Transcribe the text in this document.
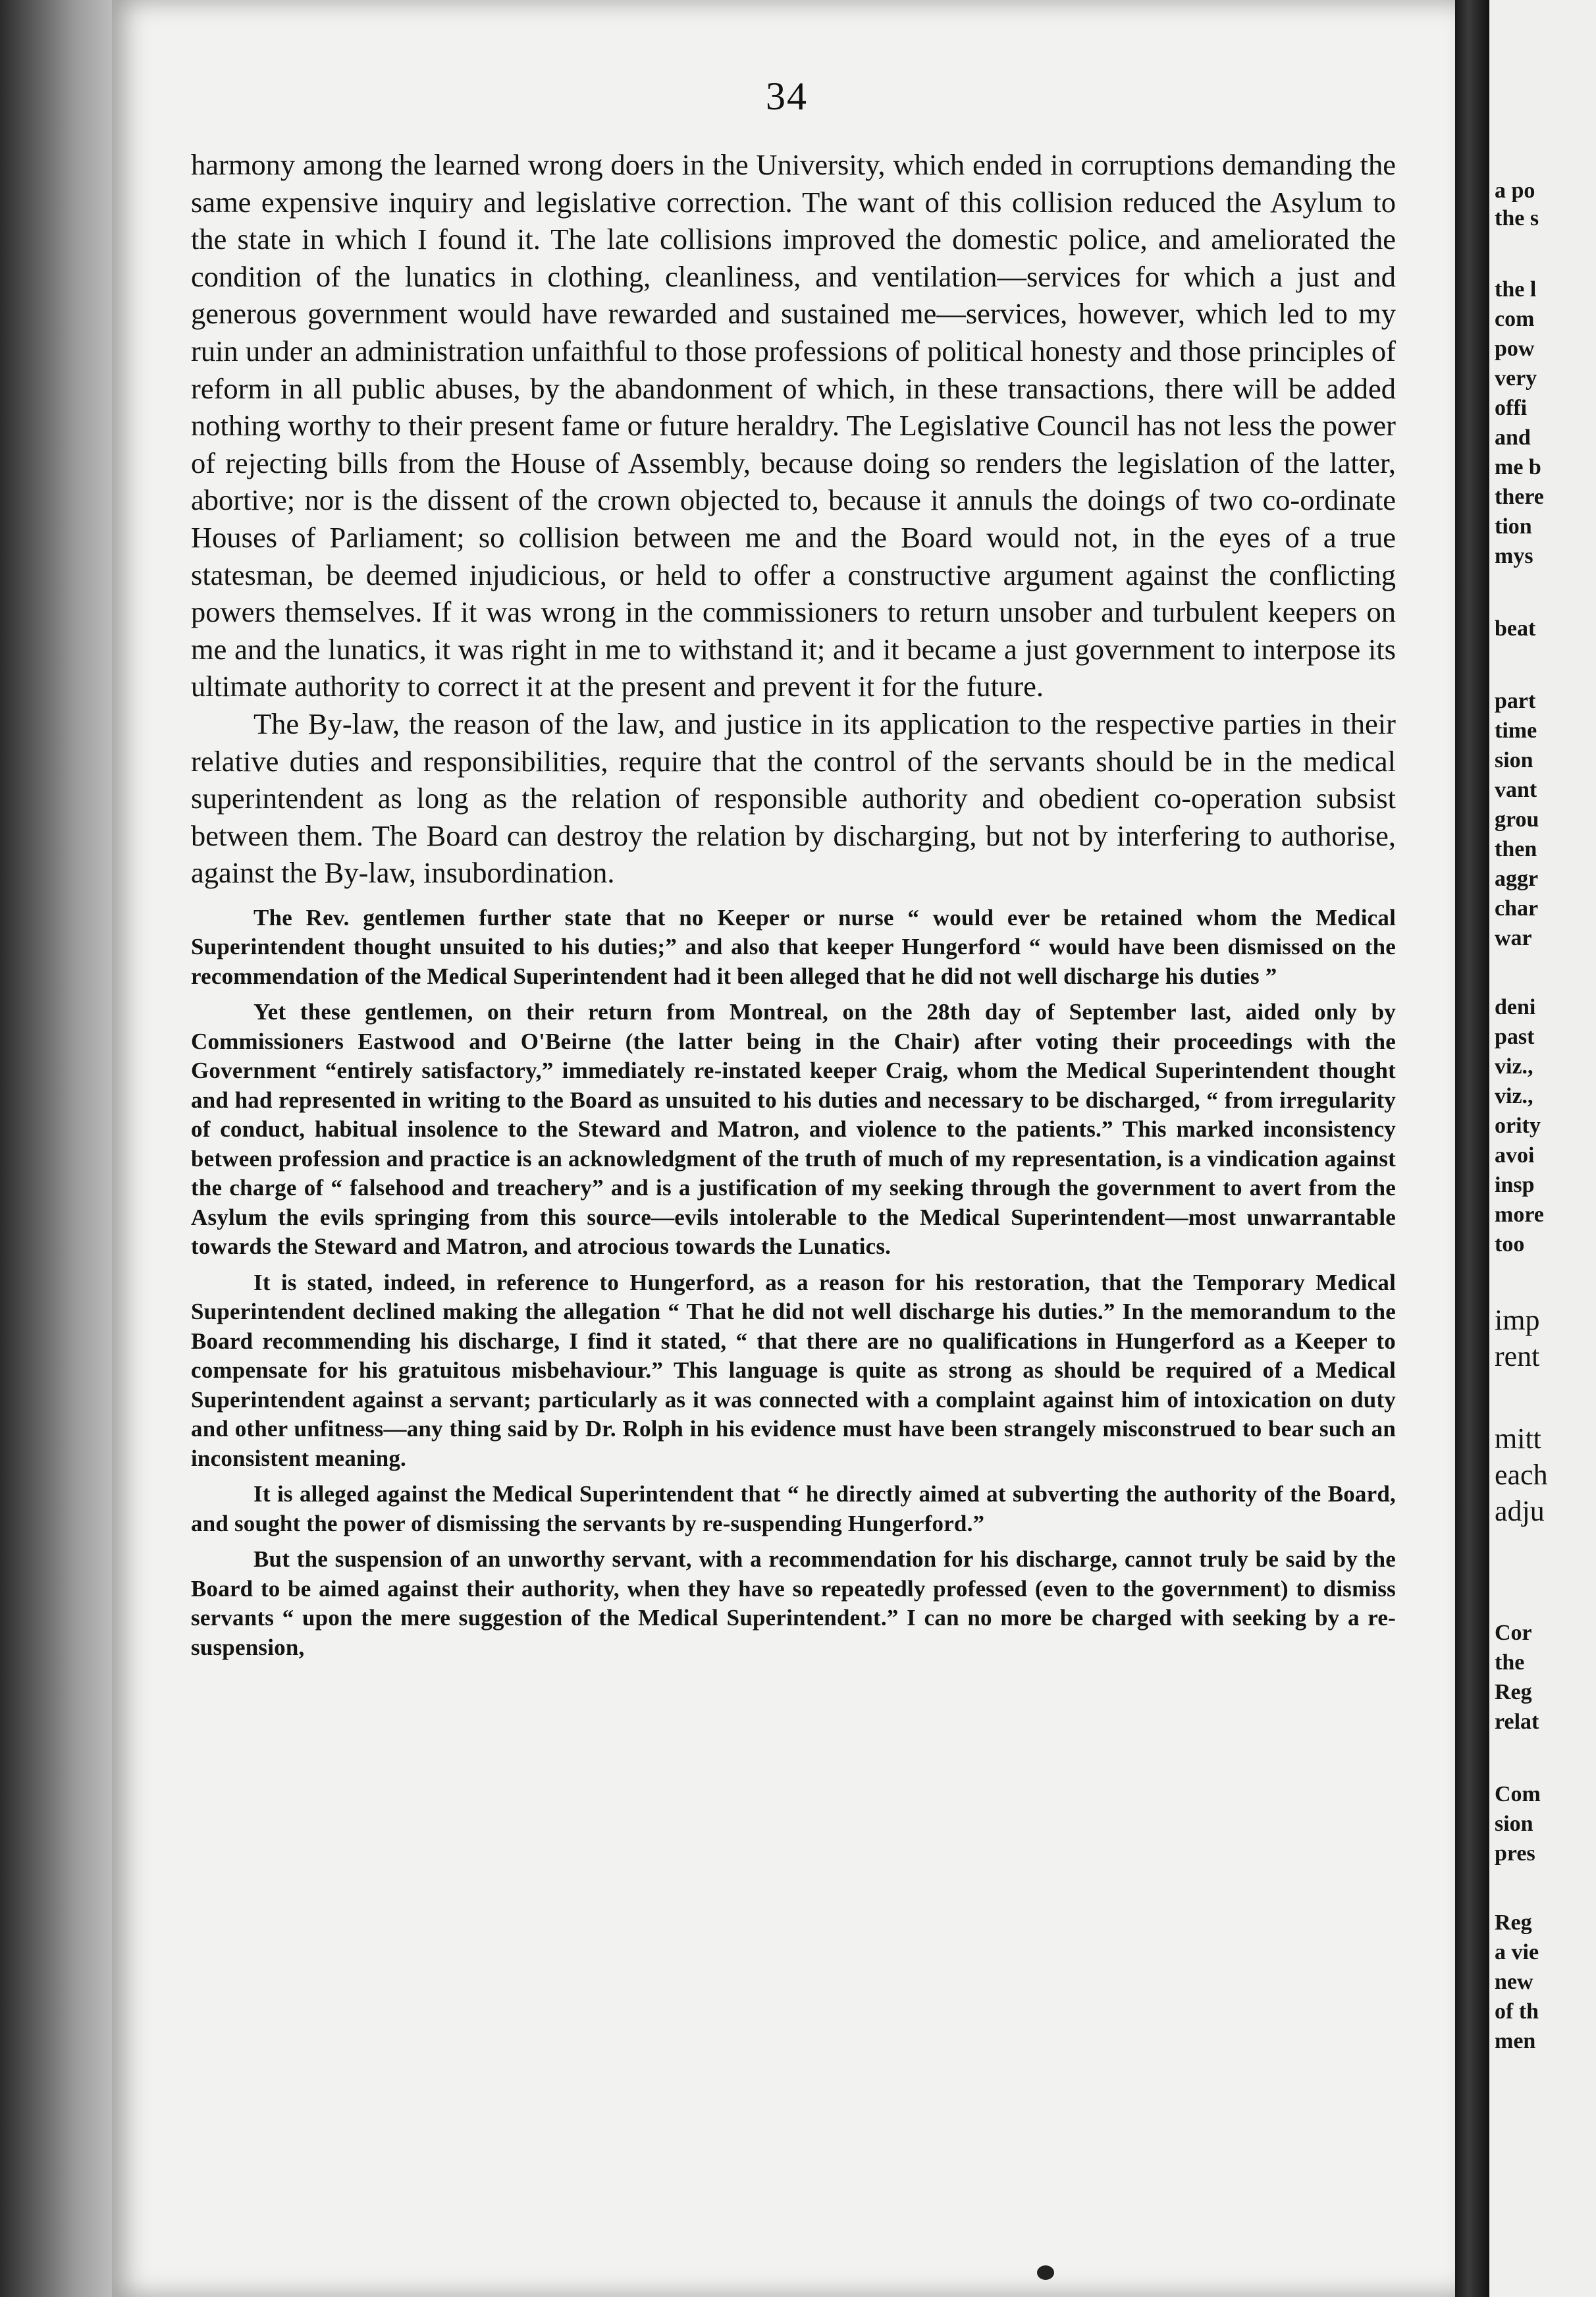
34

harmony among the learned wrong doers in the University, which ended in corruptions demanding the same expensive inquiry and legislative correction. The want of this collision reduced the Asylum to the state in which I found it. The late collisions improved the domestic police, and ameliorated the condition of the lunatics in clothing, cleanliness, and ventilation—services for which a just and generous government would have rewarded and sustained me—services, however, which led to my ruin under an administration unfaithful to those professions of political honesty and those principles of reform in all public abuses, by the abandonment of which, in these transactions, there will be added nothing worthy to their present fame or future heraldry. The Legislative Council has not less the power of rejecting bills from the House of Assembly, because doing so renders the legislation of the latter, abortive; nor is the dissent of the crown objected to, because it annuls the doings of two co-ordinate Houses of Parliament; so collision between me and the Board would not, in the eyes of a true statesman, be deemed injudicious, or held to offer a constructive argument against the conflicting powers themselves. If it was wrong in the commissioners to return unsober and turbulent keepers on me and the lunatics, it was right in me to withstand it; and it became a just government to interpose its ultimate authority to correct it at the present and prevent it for the future.

The By-law, the reason of the law, and justice in its application to the respective parties in their relative duties and responsibilities, require that the control of the servants should be in the medical superintendent as long as the relation of responsible authority and obedient co-operation subsist between them. The Board can destroy the relation by discharging, but not by interfering to authorise, against the By-law, insubordination.

The Rev. gentlemen further state that no Keeper or nurse “ would ever be retained whom the Medical Superintendent thought unsuited to his duties;” and also that keeper Hungerford “ would have been dismissed on the recommendation of the Medical Superintendent had it been alleged that he did not well discharge his duties ”

Yet these gentlemen, on their return from Montreal, on the 28th day of September last, aided only by Commissioners Eastwood and O'Beirne (the latter being in the Chair) after voting their proceedings with the Government “entirely satisfactory,” immediately re-instated keeper Craig, whom the Medical Superintendent thought and had represented in writing to the Board as unsuited to his duties and necessary to be discharged, “ from irregularity of conduct, habitual insolence to the Steward and Matron, and violence to the patients.” This marked inconsistency between profession and practice is an acknowledgment of the truth of much of my representation, is a vindication against the charge of “ falsehood and treachery” and is a justification of my seeking through the government to avert from the Asylum the evils springing from this source—evils intolerable to the Medical Superintendent—most unwarrantable towards the Steward and Matron, and atrocious towards the Lunatics.

It is stated, indeed, in reference to Hungerford, as a reason for his restoration, that the Temporary Medical Superintendent declined making the allegation “ That he did not well discharge his duties.” In the memorandum to the Board recommending his discharge, I find it stated, “ that there are no qualifications in Hungerford as a Keeper to compensate for his gratuitous misbehaviour.” This language is quite as strong as should be required of a Medical Superintendent against a servant; particularly as it was connected with a complaint against him of intoxication on duty and other unfitness—any thing said by Dr. Rolph in his evidence must have been strangely misconstrued to bear such an inconsistent meaning.

It is alleged against the Medical Superintendent that “ he directly aimed at subverting the authority of the Board, and sought the power of dismissing the servants by re-suspending Hungerford.”

But the suspension of an unworthy servant, with a recommendation for his discharge, cannot truly be said by the Board to be aimed against their authority, when they have so repeatedly professed (even to the government) to dismiss servants “ upon the mere suggestion of the Medical Superintendent.” I can no more be charged with seeking by a re-suspension,

a po
the s
the l
com
pow
very
offi
and
me b
there
tion
mys
beat
part
time
sion
vant
grou
then
aggr
char
war
deni
past
viz.,
viz.,
ority
avoi
insp
more
too
imp
rent
mitt
each
adju
Cor
the
Reg
relat
Com
sion
pres
Reg
a vie
new
of th
men
